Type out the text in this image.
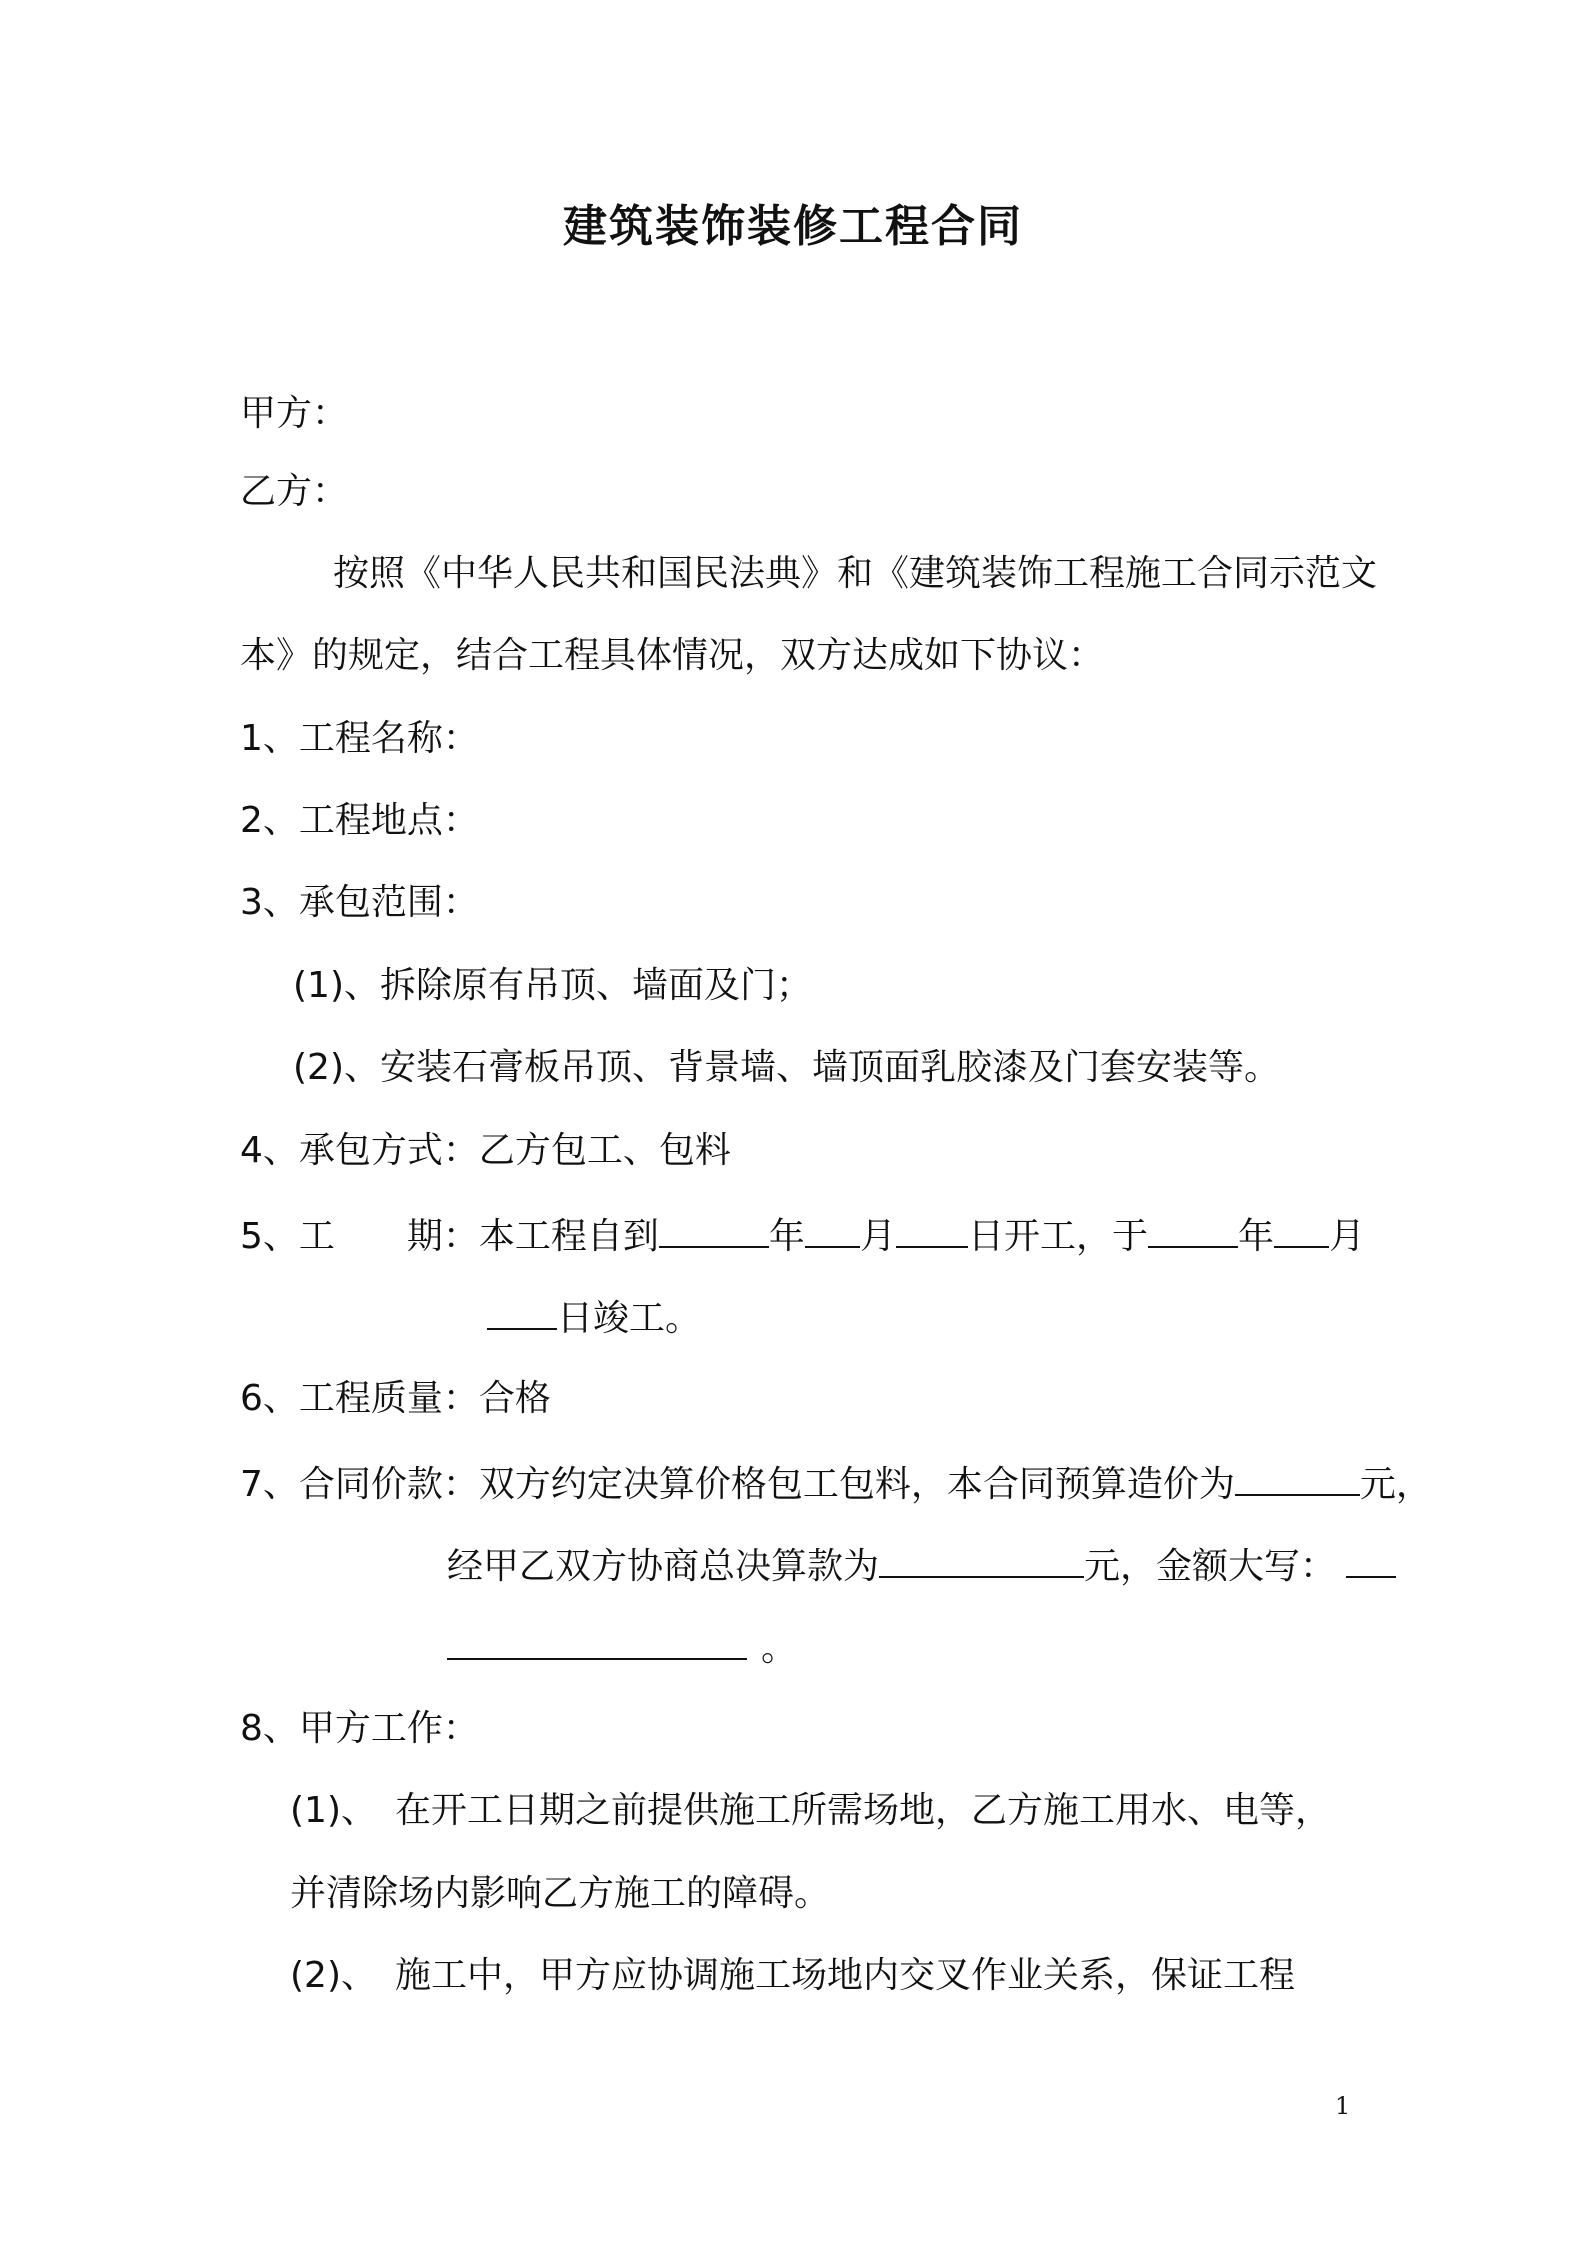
建筑装饰装修工程合同
甲方：
乙方：
按照《中华人民共和国民法典》和《建筑装饰工程施工合同示范文
本》的规定，结合工程具体情况，双方达成如下协议：
1、工程名称：
2、工程地点：
3、承包范围：
(1)、拆除原有吊顶、墙面及门；
(2)、安装石膏板吊顶、背景墙、墙顶面乳胶漆及门套安装等。
4、承包方式：乙方包工、包料
5、工　　期：本工程自到	年 月 日开工，于	年 月
日竣工。
6、工程质量：合格
7、合同价款：双方约定决算价格包工包料，本合同预算造价为	元，
经甲乙双方协商总决算款为	元，金额大写：
。
8、甲方工作：
(1)、　在开工日期之前提供施工所需场地，乙方施工用水、电等，
并清除场内影响乙方施工的障碍。
(2)、　施工中，甲方应协调施工场地内交叉作业关系，保证工程
1
